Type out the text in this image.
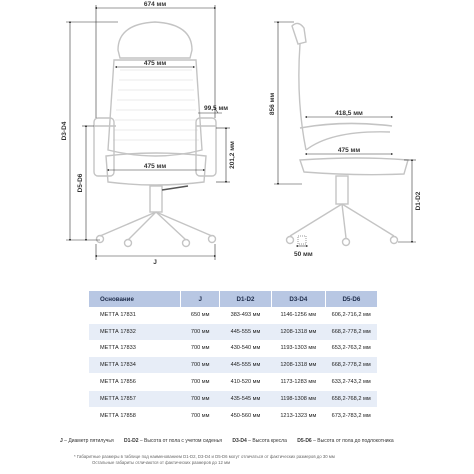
674 мм
475 мм
475 мм
99,5 мм
201,2 мм
D3-D4
D5-D6
J
856 мм	418,5 мм
475 мм
D1-D2
50 мм
Основание	J	D1-D2	D3-D4	D5-D6
МЕТТА 17831	650 мм	383-493 мм	1146-1256 мм	606,2-716,2 мм
МЕТТА 17832	700 мм	445-555 мм	1208-1318 мм	668,2-778,2 мм
МЕТТА 17833	700 мм	430-540 мм	1193-1303 мм	653,2-763,2 мм
МЕТТА 17834	700 мм	445-555 мм	1208-1318 мм	668,2-778,2 мм
МЕТТА 17856	700 мм	410-520 мм	1173-1283 мм	633,2-743,2 мм
МЕТТА 17857	700 мм	435-545 мм	1198-1308 мм	658,2-768,2 мм
МЕТТА 17858	700 мм	450-560 мм	1213-1323 мм	673,2-783,2 мм
J – Диаметр пятилучья D1-D2 – Высота от пола с учетом сиденья D3-D4 – Высота кресла D5-D6 – Высота от пола до подлокотника
* Габаритные размеры в таблице под наименованием D1-D2, D3-D4 и D5-D6 могут отличаться от фактических размеров до 30 мм
Остальные габариты отличаются от фактических размеров до 12 мм
